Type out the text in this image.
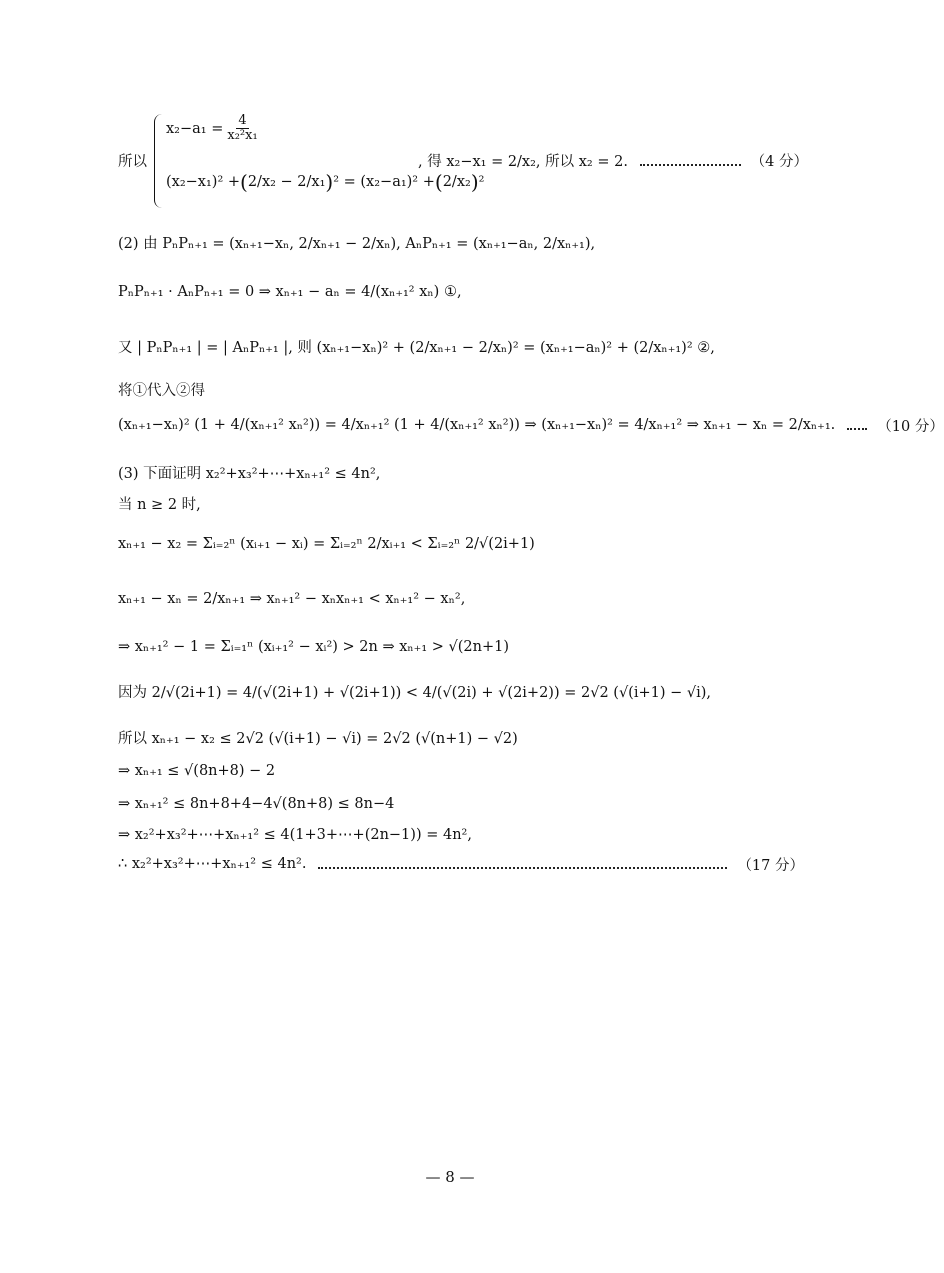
所以
$x_2-a_1 = \frac{4}{\text{x₂²x₁}}$
(x₂−x₁)² + ( 2/x₂ − 2/x₁ ) ² = (x₂−a₁)² + ( 2/x₂ ) ²
, 得 x₂−x₁ = 2/x₂, 所以 x₂ = 2.	（4 分）
(2) 由 PₙPₙ₊₁ = (xₙ₊₁−xₙ, 2/xₙ₊₁ − 2/xₙ), AₙPₙ₊₁ = (xₙ₊₁−aₙ, 2/xₙ₊₁),
PₙPₙ₊₁ · AₙPₙ₊₁ = 0 ⇒ xₙ₊₁ − aₙ = 4/(xₙ₊₁² xₙ) ①,
又 | PₙPₙ₊₁ | = | AₙPₙ₊₁ |, 则 (xₙ₊₁−xₙ)² + (2/xₙ₊₁ − 2/xₙ)² = (xₙ₊₁−aₙ)² + (2/xₙ₊₁)² ②,
将①代入②得
(xₙ₊₁−xₙ)² (1 + 4/(xₙ₊₁² xₙ²)) = 4/xₙ₊₁² (1 + 4/(xₙ₊₁² xₙ²)) ⇒ (xₙ₊₁−xₙ)² = 4/xₙ₊₁² ⇒ xₙ₊₁ − xₙ = 2/xₙ₊₁.	（10 分）
(3) 下面证明 x₂²+x₃²+⋯+xₙ₊₁² ≤ 4n²,
当 n ≥ 2 时,
xₙ₊₁ − x₂ = Σᵢ₌₂ⁿ (xᵢ₊₁ − xᵢ) = Σᵢ₌₂ⁿ 2/xᵢ₊₁ < Σᵢ₌₂ⁿ 2/√(2i+1)
xₙ₊₁ − xₙ = 2/xₙ₊₁ ⇒ xₙ₊₁² − xₙxₙ₊₁ < xₙ₊₁² − xₙ²,
⇒ xₙ₊₁² − 1 = Σᵢ₌₁ⁿ (xᵢ₊₁² − xᵢ²) > 2n ⇒ xₙ₊₁ > √(2n+1)
因为 2/√(2i+1) = 4/(√(2i+1) + √(2i+1)) < 4/(√(2i) + √(2i+2)) = 2√2 (√(i+1) − √i),
所以 xₙ₊₁ − x₂ ≤ 2√2 (√(i+1) − √i) = 2√2 (√(n+1) − √2)
⇒ xₙ₊₁ ≤ √(8n+8) − 2
⇒ xₙ₊₁² ≤ 8n+8+4−4√(8n+8) ≤ 8n−4
⇒ x₂²+x₃²+⋯+xₙ₊₁² ≤ 4(1+3+⋯+(2n−1)) = 4n²,
∴ x₂²+x₃²+⋯+xₙ₊₁² ≤ 4n².	（17 分）
— 8 —
